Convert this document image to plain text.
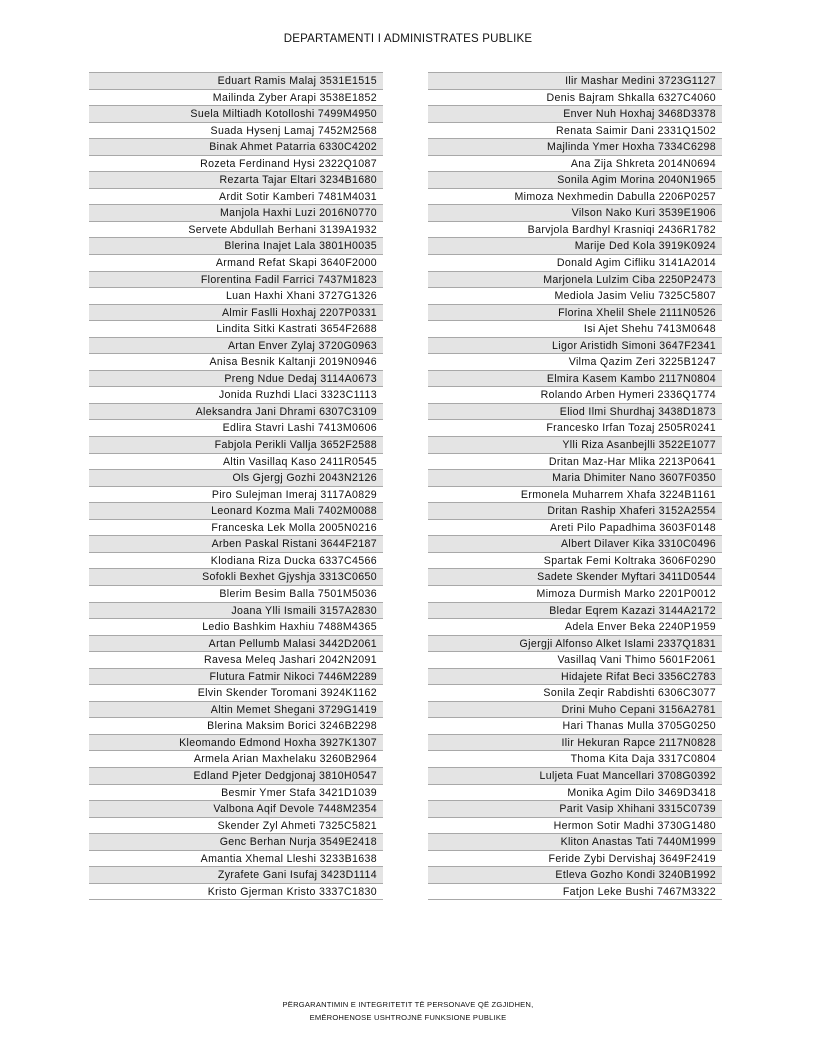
DEPARTAMENTI I ADMINISTRATES PUBLIKE
Eduart Ramis Malaj 3531E1515
Mailinda Zyber Arapi 3538E1852
Suela Miltiadh Kotolloshi 7499M4950
Suada Hysenj Lamaj 7452M2568
Binak Ahmet Patarria 6330C4202
Rozeta Ferdinand Hysi 2322Q1087
Rezarta Tajar Eltari 3234B1680
Ardit Sotir Kamberi 7481M4031
Manjola Haxhi Luzi 2016N0770
Servete Abdullah Berhani 3139A1932
Blerina Inajet Lala 3801H0035
Armand Refat Skapi 3640F2000
Florentina Fadil Farrici 7437M1823
Luan Haxhi Xhani 3727G1326
Almir Faslli Hoxhaj 2207P0331
Lindita Sitki Kastrati 3654F2688
Artan Enver Zylaj 3720G0963
Anisa Besnik Kaltanji 2019N0946
Preng Ndue Dedaj 3114A0673
Jonida Ruzhdi Llaci 3323C1113
Aleksandra Jani Dhrami 6307C3109
Edlira Stavri Lashi 7413M0606
Fabjola Perikli Vallja 3652F2588
Altin Vasillaq Kaso 2411R0545
Ols Gjergj Gozhi 2043N2126
Piro Sulejman Imeraj 3117A0829
Leonard Kozma Mali 7402M0088
Franceska Lek Molla 2005N0216
Arben Paskal Ristani 3644F2187
Klodiana Riza Ducka 6337C4566
Sofokli Bexhet Gjyshja 3313C0650
Blerim Besim Balla 7501M5036
Joana Ylli Ismaili 3157A2830
Ledio Bashkim Haxhiu 7488M4365
Artan Pellumb Malasi 3442D2061
Ravesa Meleq Jashari 2042N2091
Flutura Fatmir Nikoci 7446M2289
Elvin Skender Toromani 3924K1162
Altin Memet Shegani 3729G1419
Blerina Maksim Borici 3246B2298
Kleomando Edmond Hoxha 3927K1307
Armela Arian Maxhelaku 3260B2964
Edland Pjeter Dedgjonaj 3810H0547
Besmir Ymer Stafa 3421D1039
Valbona Aqif Devole 7448M2354
Skender Zyl Ahmeti 7325C5821
Genc Berhan Nurja 3549E2418
Amantia Xhemal Lleshi 3233B1638
Zyrafete Gani Isufaj 3423D1114
Kristo Gjerman Kristo 3337C1830
Ilir Mashar Medini 3723G1127
Denis Bajram Shkalla 6327C4060
Enver Nuh Hoxhaj 3468D3378
Renata Saimir Dani 2331Q1502
Majlinda Ymer Hoxha 7334C6298
Ana Zija Shkreta 2014N0694
Sonila Agim Morina 2040N1965
Mimoza Nexhmedin Dabulla 2206P0257
Vilson Nako Kuri 3539E1906
Barvjola Bardhyl Krasniqi 2436R1782
Marije Ded Kola 3919K0924
Donald Agim Cifliku 3141A2014
Marjonela Lulzim Ciba 2250P2473
Mediola Jasim Veliu 7325C5807
Florina Xhelil Shele 2111N0526
Isi Ajet Shehu 7413M0648
Ligor Aristidh Simoni 3647F2341
Vilma Qazim Zeri 3225B1247
Elmira Kasem Kambo 2117N0804
Rolando Arben Hymeri 2336Q1774
Eliod Ilmi Shurdhaj 3438D1873
Francesko Irfan Tozaj 2505R0241
Ylli Riza Asanbejlli 3522E1077
Dritan Maz-Har Mlika 2213P0641
Maria Dhimiter Nano 3607F0350
Ermonela Muharrem Xhafa 3224B1161
Dritan Raship Xhaferi 3152A2554
Areti Pilo Papadhima 3603F0148
Albert Dilaver Kika 3310C0496
Spartak Femi Koltraka 3606F0290
Sadete Skender Myftari 3411D0544
Mimoza Durmish Marko 2201P0012
Bledar Eqrem Kazazi 3144A2172
Adela Enver Beka 2240P1959
Gjergji Alfonso Alket Islami 2337Q1831
Vasillaq Vani Thimo 5601F2061
Hidajete Rifat Beci 3356C2783
Sonila Zeqir Rabdishti 6306C3077
Drini Muho Cepani 3156A2781
Hari Thanas Mulla 3705G0250
Ilir Hekuran Rapce 2117N0828
Thoma Kita Daja 3317C0804
Luljeta Fuat Mancellari 3708G0392
Monika Agim Dilo 3469D3418
Parit Vasip Xhihani 3315C0739
Hermon Sotir Madhi 3730G1480
Kliton Anastas Tati 7440M1999
Feride Zybi Dervishaj 3649F2419
Etleva Gozho Kondi 3240B1992
Fatjon Leke Bushi 7467M3322
PËRGARANTIMIN E INTEGRITETIT TË PERSONAVE QË ZGJIDHEN,
EMËROHENOSE USHTROJNË FUNKSIONE PUBLIKE
